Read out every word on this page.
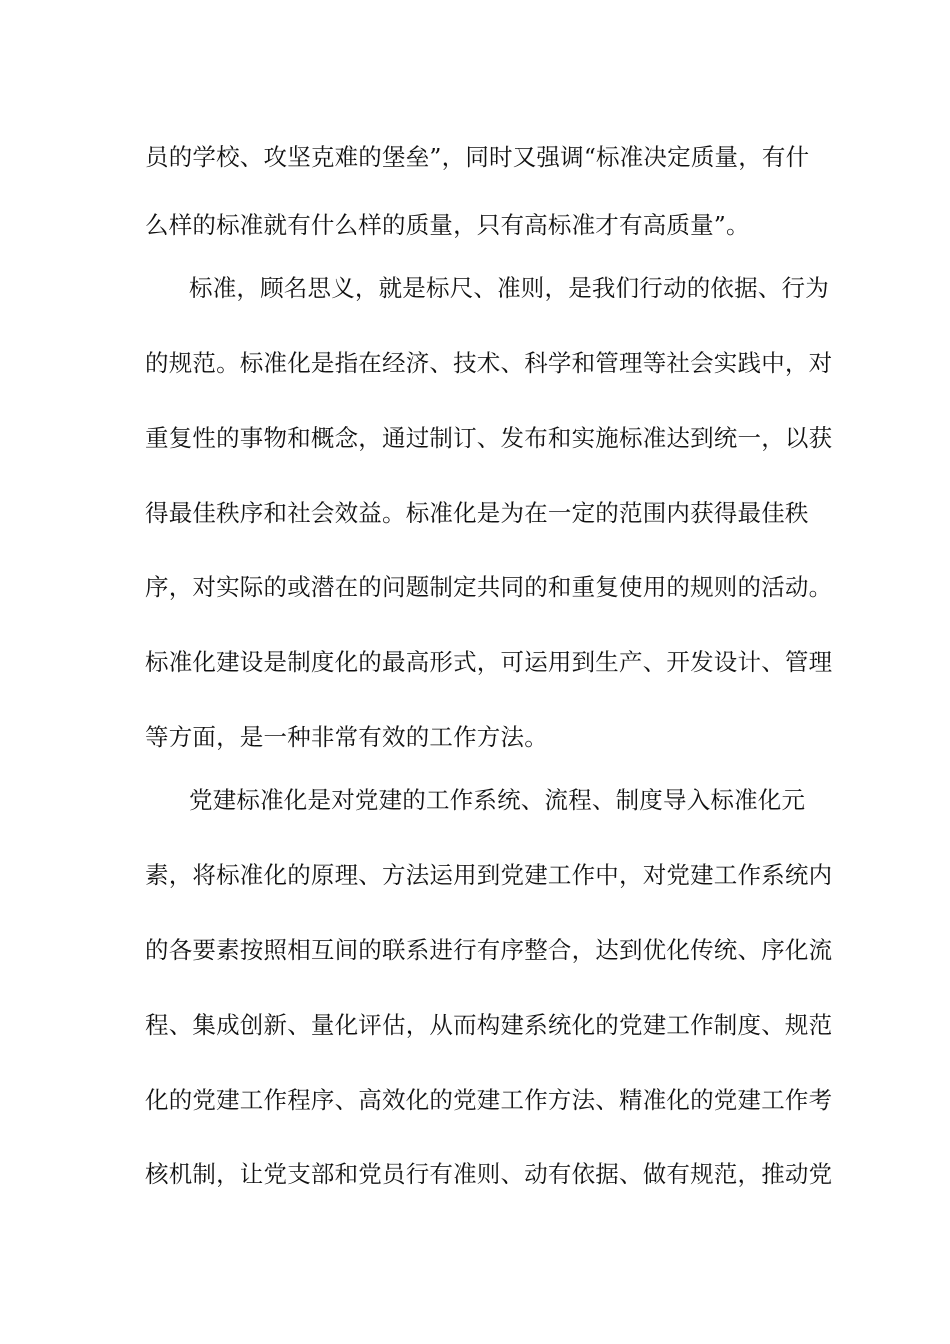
员的学校、攻坚克难的堡垒”，同时又强调“标准决定质量，有什
么样的标准就有什么样的质量，只有高标准才有高质量”。
标准，顾名思义，就是标尺、准则，是我们行动的依据、行为
的规范。标准化是指在经济、技术、科学和管理等社会实践中，对
重复性的事物和概念，通过制订、发布和实施标准达到统一，以获
得最佳秩序和社会效益。标准化是为在一定的范围内获得最佳秩
序，对实际的或潜在的问题制定共同的和重复使用的规则的活动。
标准化建设是制度化的最高形式，可运用到生产、开发设计、管理
等方面，是一种非常有效的工作方法。
党建标准化是对党建的工作系统、流程、制度导入标准化元
素，将标准化的原理、方法运用到党建工作中，对党建工作系统内
的各要素按照相互间的联系进行有序整合，达到优化传统、序化流
程、集成创新、量化评估，从而构建系统化的党建工作制度、规范
化的党建工作程序、高效化的党建工作方法、精准化的党建工作考
核机制，让党支部和党员行有准则、动有依据、做有规范，推动党
